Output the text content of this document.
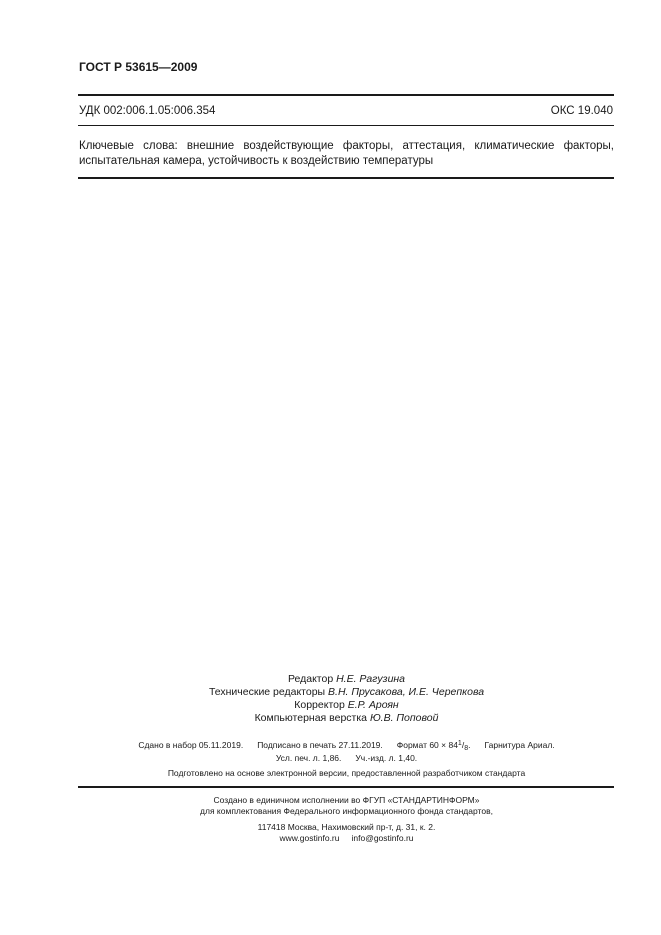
ГОСТ Р 53615—2009
УДК 002:006.1.05:006.354	ОКС 19.040
Ключевые слова: внешние воздействующие факторы, аттестация, климатические факторы, испытательная камера, устойчивость к воздействию температуры
Редактор Н.Е. Рагузина
Технические редакторы В.Н. Прусакова, И.Е. Черепкова
Корректор Е.Р. Ароян
Компьютерная верстка Ю.В. Поповой
Сдано в набор 05.11.2019. Подписано в печать 27.11.2019. Формат $60 \times 84^1/_8$. Гарнитура Ариал.
Усл. печ. л. 1,86. Уч.-изд. л. 1,40.
Подготовлено на основе электронной версии, предоставленной разработчиком стандарта
Создано в единичном исполнении во ФГУП «СТАНДАРТИНФОРМ»
для комплектования Федерального информационного фонда стандартов,
117418 Москва, Нахимовский пр-т, д. 31, к. 2.
www.gostinfo.ru info@gostinfo.ru
